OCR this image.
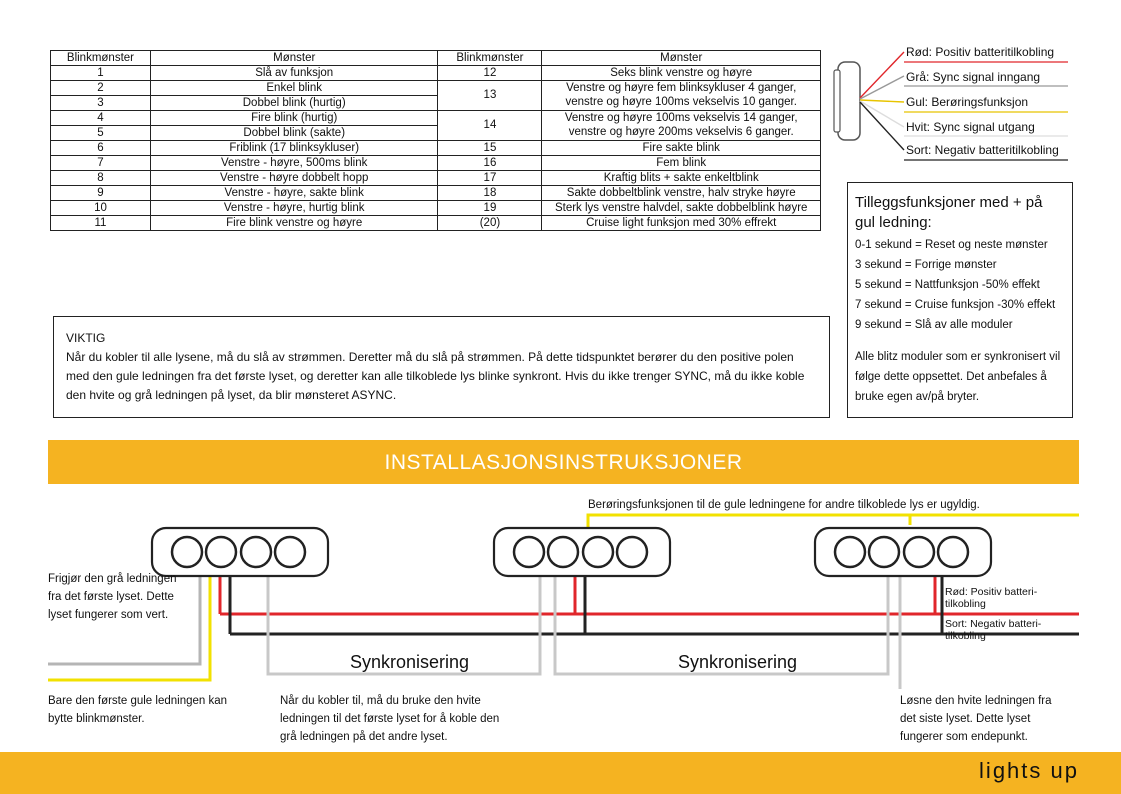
Blinkmønster	Mønster	Blinkmønster	Mønster
1	Slå av funksjon	12	Seks blink venstre og høyre
2	Enkel blink	13	Venstre og høyre fem blinksykluser 4 ganger,
3	Dobbel blink (hurtig)		venstre og høyre 100ms vekselvis 10 ganger.
4	Fire blink (hurtig)	14	Venstre og høyre 100ms vekselvis 14 ganger,
5	Dobbel blink (sakte)		venstre og høyre 200ms vekselvis 6 ganger.
6	Friblink (17 blinksykluser)	15	Fire sakte blink
7	Venstre - høyre, 500ms blink	16	Fem blink
8	Venstre - høyre dobbelt hopp	17	Kraftig blits + sakte enkeltblink
9	Venstre - høyre, sakte blink	18	Sakte dobbeltblink venstre, halv stryke høyre
10	Venstre - høyre, hurtig blink	19	Sterk lys venstre halvdel, sakte dobbelblink høyre
11	Fire blink venstre og høyre	(20)	Cruise light funksjon med 30% effrekt
Rød: Positiv batteritilkobling
Grå: Sync signal inngang
Gul: Berøringsfunksjon
Hvit: Sync signal utgang
Sort: Negativ batteritilkobling
Tilleggsfunksjoner med + på gul ledning:
0-1 sekund = Reset og neste mønster
3 sekund = Forrige mønster
5 sekund = Nattfunksjon -50% effekt
7 sekund = Cruise funksjon -30% effekt
9 sekund = Slå av alle moduler
Alle blitz moduler som er synkronisert vil følge dette oppsettet. Det anbefales å bruke egen av/på bryter.
VIKTIG
Når du kobler til alle lysene, må du slå av strømmen. Deretter må du slå på strømmen. På dette tidspunktet berører du den positive polen med den gule ledningen fra det første lyset, og deretter kan alle tilkoblede lys blinke synkront. Hvis du ikke trenger SYNC, må du ikke koble den hvite og grå ledningen på lyset, da blir mønsteret ASYNC.
INSTALLASJONSINSTRUKSJONER
Berøringsfunksjonen til de gule ledningene for andre tilkoblede lys er ugyldig.
Frigjør den grå ledningen fra det første lyset. Dette lyset fungerer som vert.
Bare den første gule ledningen kan bytte blinkmønster.
Når du kobler til, må du bruke den hvite ledningen til det første lyset for å koble den grå ledningen på det andre lyset.
Løsne den hvite ledningen fra det siste lyset. Dette lyset fungerer som endepunkt.
Rød: Positiv batteri-tilkobling
Sort: Negativ batteri-tilkobling
Synkronisering	Synkronisering
lights up
